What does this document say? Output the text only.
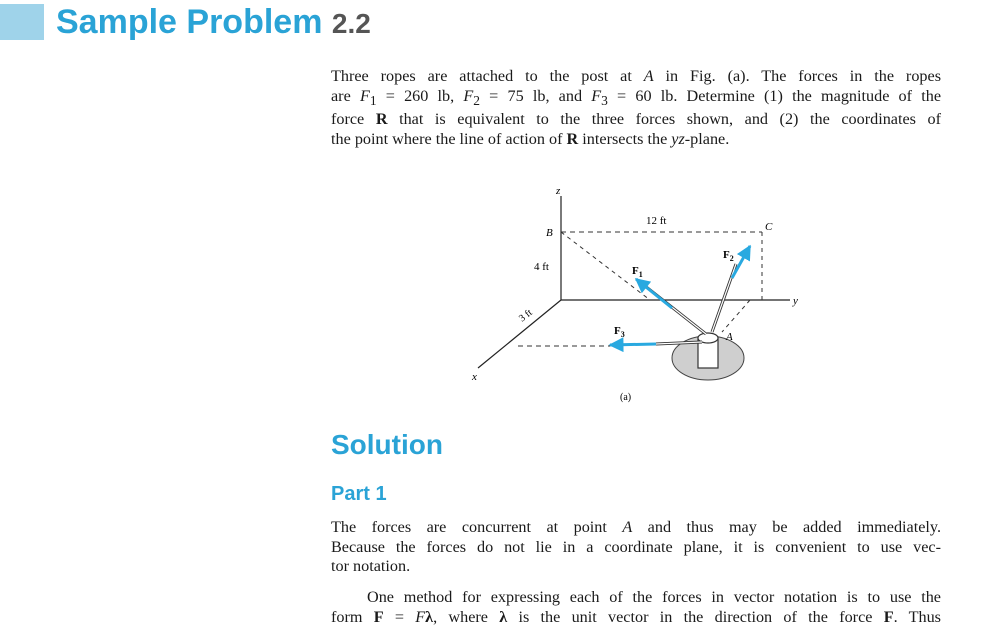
Sample Problem 2.2
Three ropes are attached to the post at A in Fig. (a). The forces in the ropes
are $F_1 = 260$ lb, $F_2 = 75$ lb, and $F_3 = 60$ lb. Determine (1) the magnitude of the
force R that is equivalent to the three forces shown, and (2) the coordinates of
the point where the line of action of R intersects the yz-plane.
z
y
x
B	C
A
12 ft
4 ft
3 ft
$F_1$
$F_2$
$F_3$
(a)
Solution
Part 1
The forces are concurrent at point A and thus may be added immediately.
Because the forces do not lie in a coordinate plane, it is convenient to use vec-
tor notation.
One method for expressing each of the forces in vector notation is to use the
form F = Fλ, where λ is the unit vector in the direction of the force F. Thus
